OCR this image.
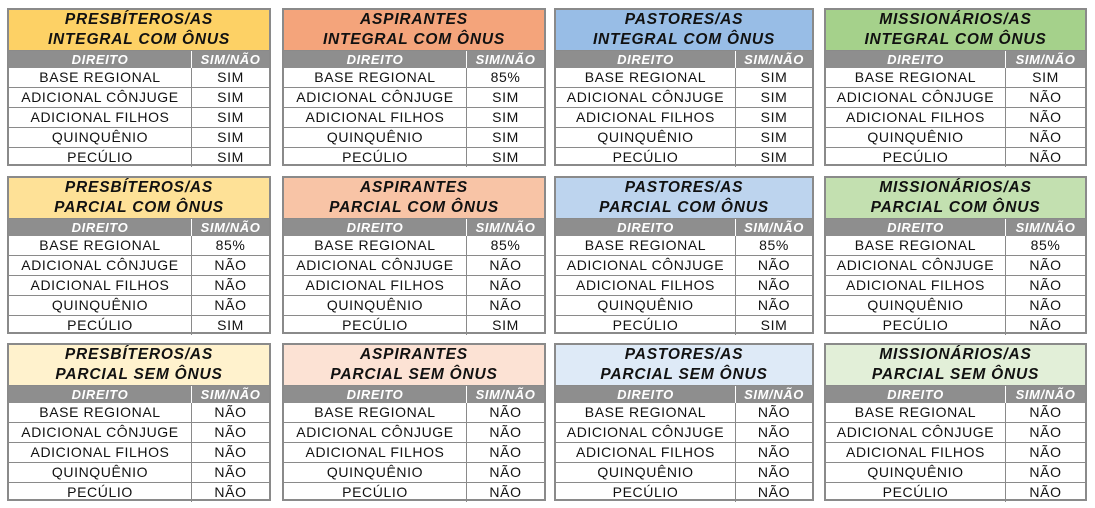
PRESBÍTEROS/AS
INTEGRAL COM ÔNUS
DIREITO	SIM/NÃO
BASE REGIONAL	SIM
ADICIONAL CÔNJUGE	SIM
ADICIONAL FILHOS	SIM
QUINQUÊNIO	SIM
PECÚLIO	SIM
ASPIRANTES
INTEGRAL COM ÔNUS
DIREITO	SIM/NÃO
BASE REGIONAL	85%
ADICIONAL CÔNJUGE	SIM
ADICIONAL FILHOS	SIM
QUINQUÊNIO	SIM
PECÚLIO	SIM
PASTORES/AS
INTEGRAL COM ÔNUS
DIREITO	SIM/NÃO
BASE REGIONAL	SIM
ADICIONAL CÔNJUGE	SIM
ADICIONAL FILHOS	SIM
QUINQUÊNIO	SIM
PECÚLIO	SIM
MISSIONÁRIOS/AS
INTEGRAL COM ÔNUS
DIREITO	SIM/NÃO
BASE REGIONAL	SIM
ADICIONAL CÔNJUGE	NÃO
ADICIONAL FILHOS	NÃO
QUINQUÊNIO	NÃO
PECÚLIO	NÃO
PRESBÍTEROS/AS
PARCIAL COM ÔNUS
DIREITO	SIM/NÃO
BASE REGIONAL	85%
ADICIONAL CÔNJUGE	NÃO
ADICIONAL FILHOS	NÃO
QUINQUÊNIO	NÃO
PECÚLIO	SIM
ASPIRANTES
PARCIAL COM ÔNUS
DIREITO	SIM/NÃO
BASE REGIONAL	85%
ADICIONAL CÔNJUGE	NÃO
ADICIONAL FILHOS	NÃO
QUINQUÊNIO	NÃO
PECÚLIO	SIM
PASTORES/AS
PARCIAL COM ÔNUS
DIREITO	SIM/NÃO
BASE REGIONAL	85%
ADICIONAL CÔNJUGE	NÃO
ADICIONAL FILHOS	NÃO
QUINQUÊNIO	NÃO
PECÚLIO	SIM
MISSIONÁRIOS/AS
PARCIAL COM ÔNUS
DIREITO	SIM/NÃO
BASE REGIONAL	85%
ADICIONAL CÔNJUGE	NÃO
ADICIONAL FILHOS	NÃO
QUINQUÊNIO	NÃO
PECÚLIO	NÃO
PRESBÍTEROS/AS
PARCIAL SEM ÔNUS
DIREITO	SIM/NÃO
BASE REGIONAL	NÃO
ADICIONAL CÔNJUGE	NÃO
ADICIONAL FILHOS	NÃO
QUINQUÊNIO	NÃO
PECÚLIO	NÃO
ASPIRANTES
PARCIAL SEM ÔNUS
DIREITO	SIM/NÃO
BASE REGIONAL	NÃO
ADICIONAL CÔNJUGE	NÃO
ADICIONAL FILHOS	NÃO
QUINQUÊNIO	NÃO
PECÚLIO	NÃO
PASTORES/AS
PARCIAL SEM ÔNUS
DIREITO	SIM/NÃO
BASE REGIONAL	NÃO
ADICIONAL CÔNJUGE	NÃO
ADICIONAL FILHOS	NÃO
QUINQUÊNIO	NÃO
PECÚLIO	NÃO
MISSIONÁRIOS/AS
PARCIAL SEM ÔNUS
DIREITO	SIM/NÃO
BASE REGIONAL	NÃO
ADICIONAL CÔNJUGE	NÃO
ADICIONAL FILHOS	NÃO
QUINQUÊNIO	NÃO
PECÚLIO	NÃO
